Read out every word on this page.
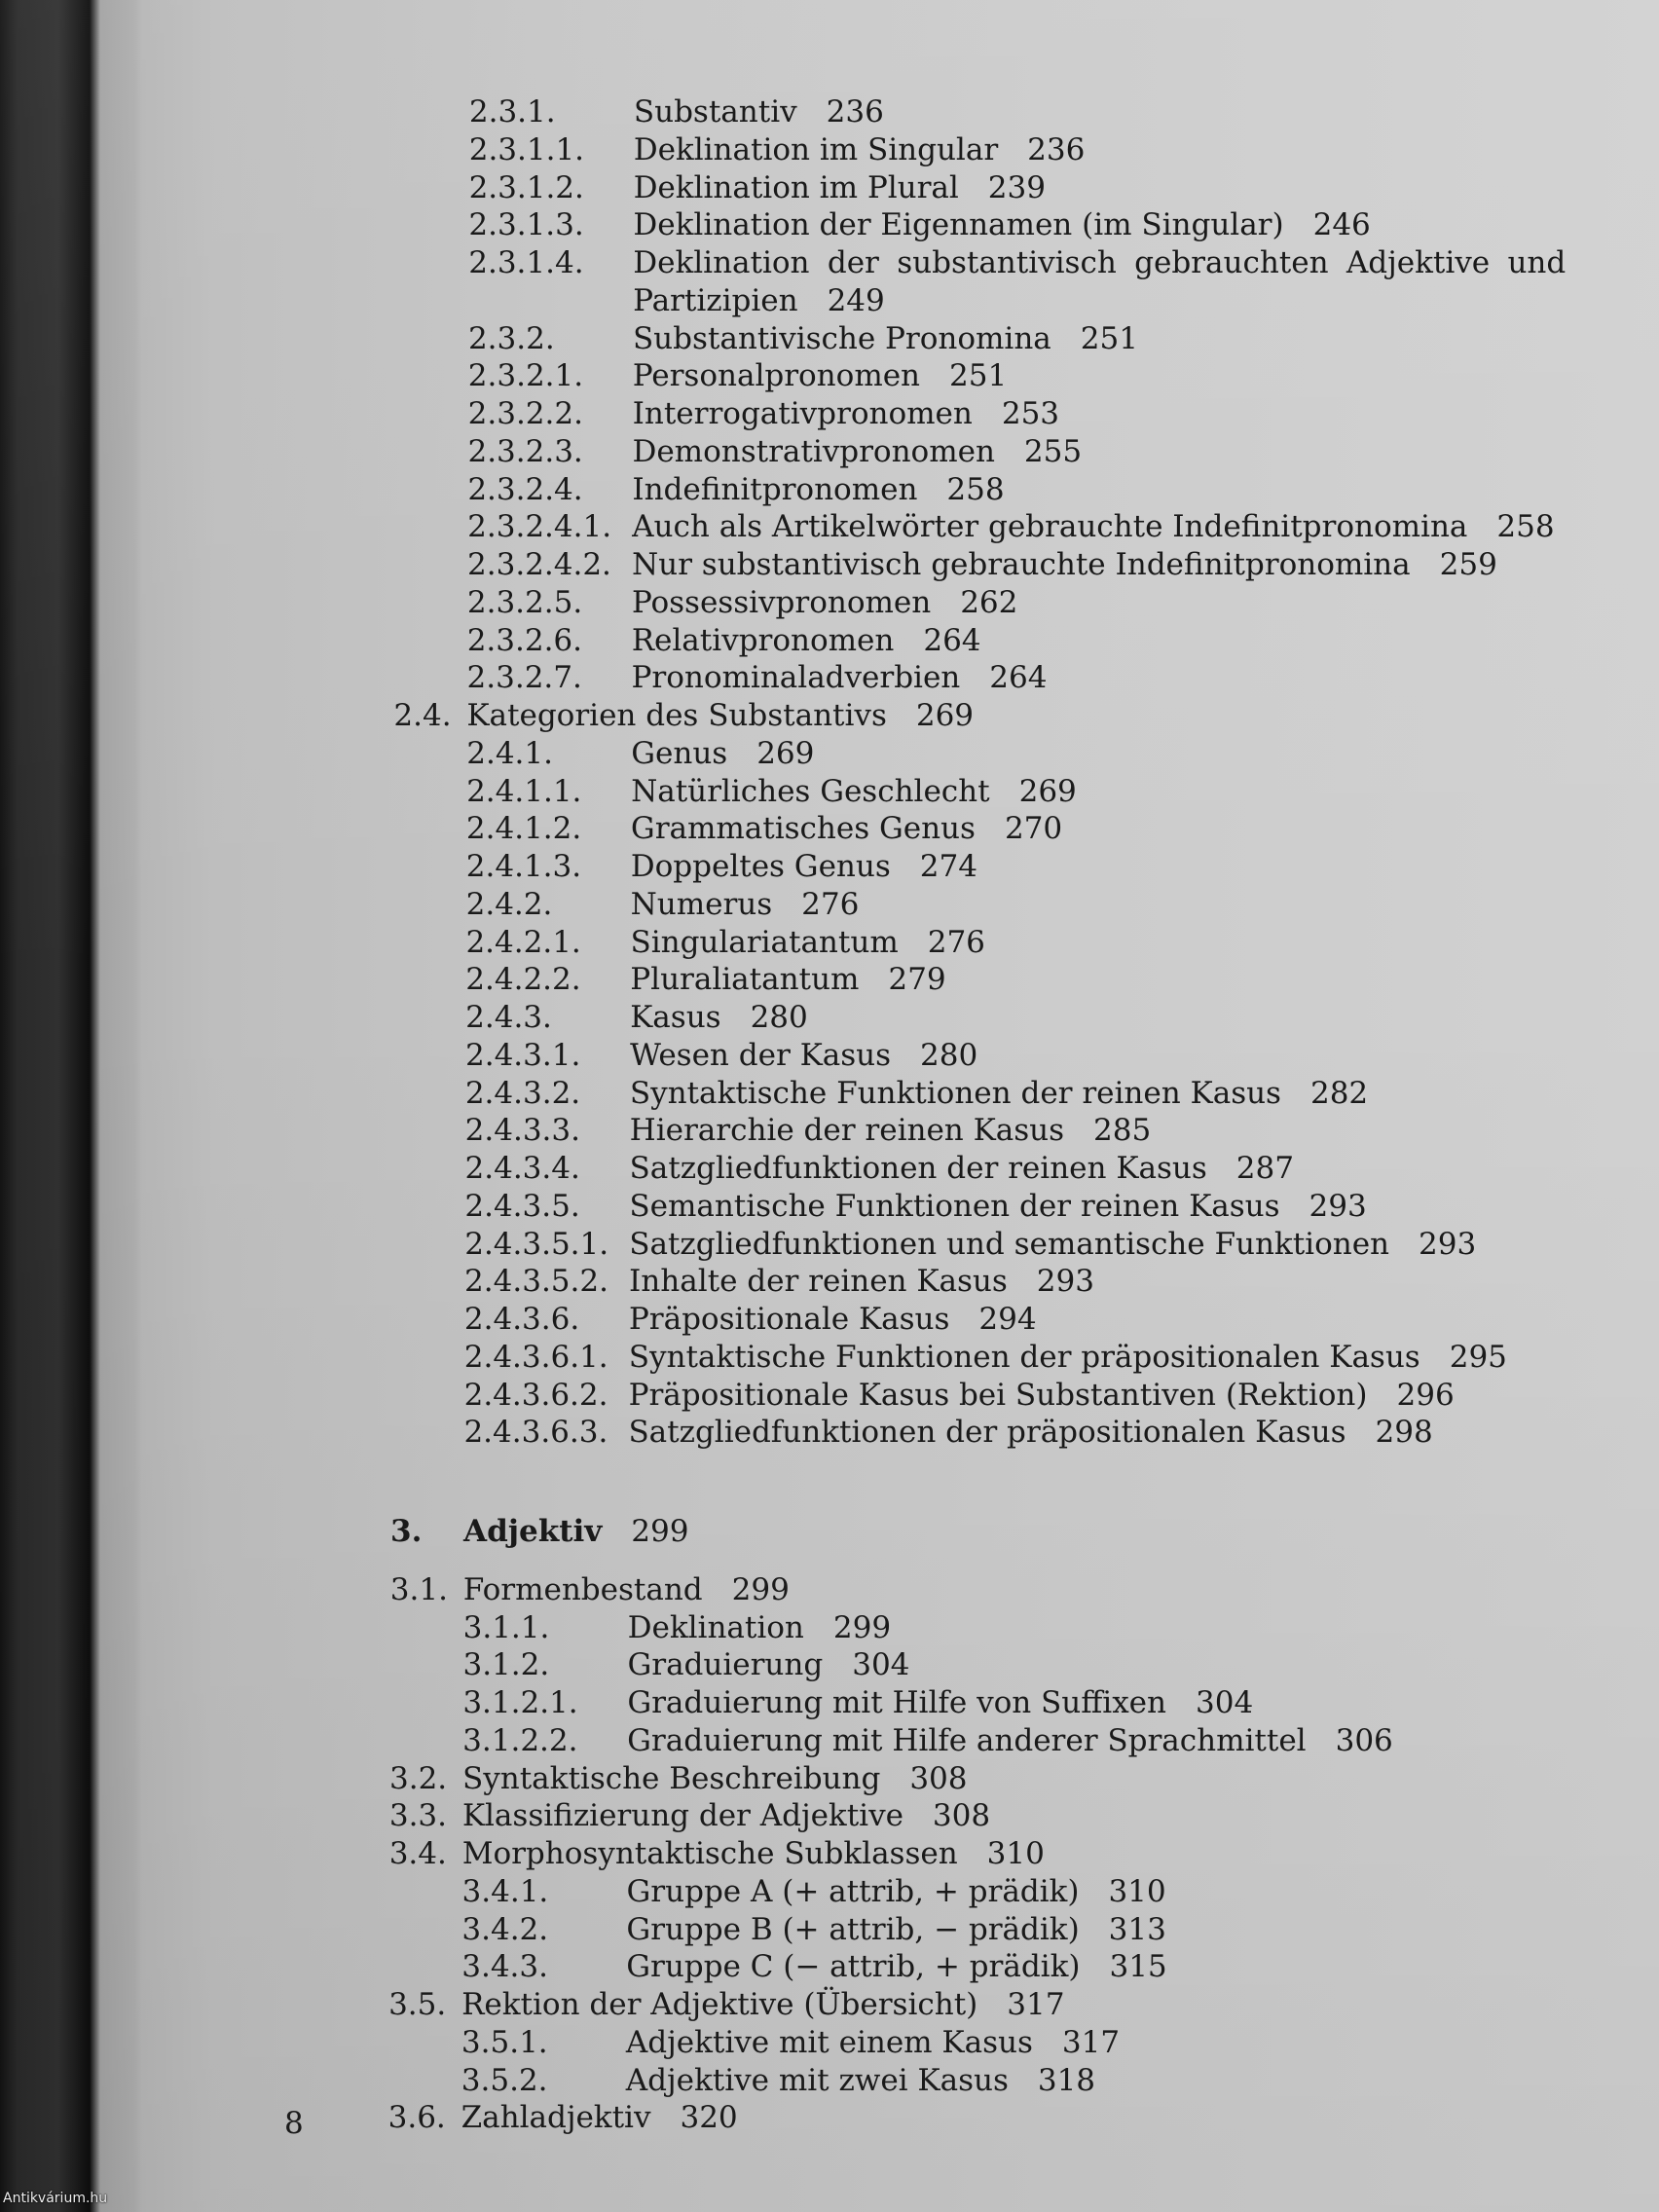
2.3.1.	Substantiv 236
2.3.1.1. Deklination im Singular 236
2.3.1.2. Deklination im Plural 239
2.3.1.3. Deklination der Eigennamen (im Singular) 246
2.3.1.4. Deklination der substantivisch gebrauchten Adjektive und
Partizipien 249
2.3.2.	Substantivische Pronomina 251
2.3.2.1. Personalpronomen 251
2.3.2.2. Interrogativpronomen 253
2.3.2.3. Demonstrativpronomen 255
2.3.2.4. Indefinitpronomen 258
2.3.2.4.1. Auch als Artikelwörter gebrauchte Indefinitpronomina 258
2.3.2.4.2. Nur substantivisch gebrauchte Indefinitpronomina 259
2.3.2.5. Possessivpronomen 262
2.3.2.6. Relativpronomen 264
2.3.2.7. Pronominaladverbien 264
2.4. Kategorien des Substantivs 269
2.4.1.	Genus 269
2.4.1.1. Natürliches Geschlecht 269
2.4.1.2. Grammatisches Genus 270
2.4.1.3. Doppeltes Genus 274
2.4.2.	Numerus 276
2.4.2.1. Singulariatantum 276
2.4.2.2. Pluraliatantum 279
2.4.3.	Kasus 280
2.4.3.1. Wesen der Kasus 280
2.4.3.2. Syntaktische Funktionen der reinen Kasus 282
2.4.3.3. Hierarchie der reinen Kasus 285
2.4.3.4. Satzgliedfunktionen der reinen Kasus 287
2.4.3.5. Semantische Funktionen der reinen Kasus 293
2.4.3.5.1. Satzgliedfunktionen und semantische Funktionen 293
2.4.3.5.2. Inhalte der reinen Kasus 293
2.4.3.6. Präpositionale Kasus 294
2.4.3.6.1. Syntaktische Funktionen der präpositionalen Kasus 295
2.4.3.6.2. Präpositionale Kasus bei Substantiven (Rektion) 296
2.4.3.6.3. Satzgliedfunktionen der präpositionalen Kasus 298
3. Adjektiv 299
3.1. Formenbestand 299
3.1.1.	Deklination 299
3.1.2.	Graduierung 304
3.1.2.1. Graduierung mit Hilfe von Suffixen 304
3.1.2.2. Graduierung mit Hilfe anderer Sprachmittel 306
3.2. Syntaktische Beschreibung 308
3.3. Klassifizierung der Adjektive 308
3.4. Morphosyntaktische Subklassen 310
3.4.1.	Gruppe A (+ attrib, + prädik) 310
3.4.2.	Gruppe B (+ attrib, − prädik) 313
3.4.3.	Gruppe C (− attrib, + prädik) 315
3.5. Rektion der Adjektive (Übersicht) 317
3.5.1.	Adjektive mit einem Kasus 317
3.5.2.	Adjektive mit zwei Kasus 318
3.6. Zahladjektiv 320
8
Antikvárium.hu
